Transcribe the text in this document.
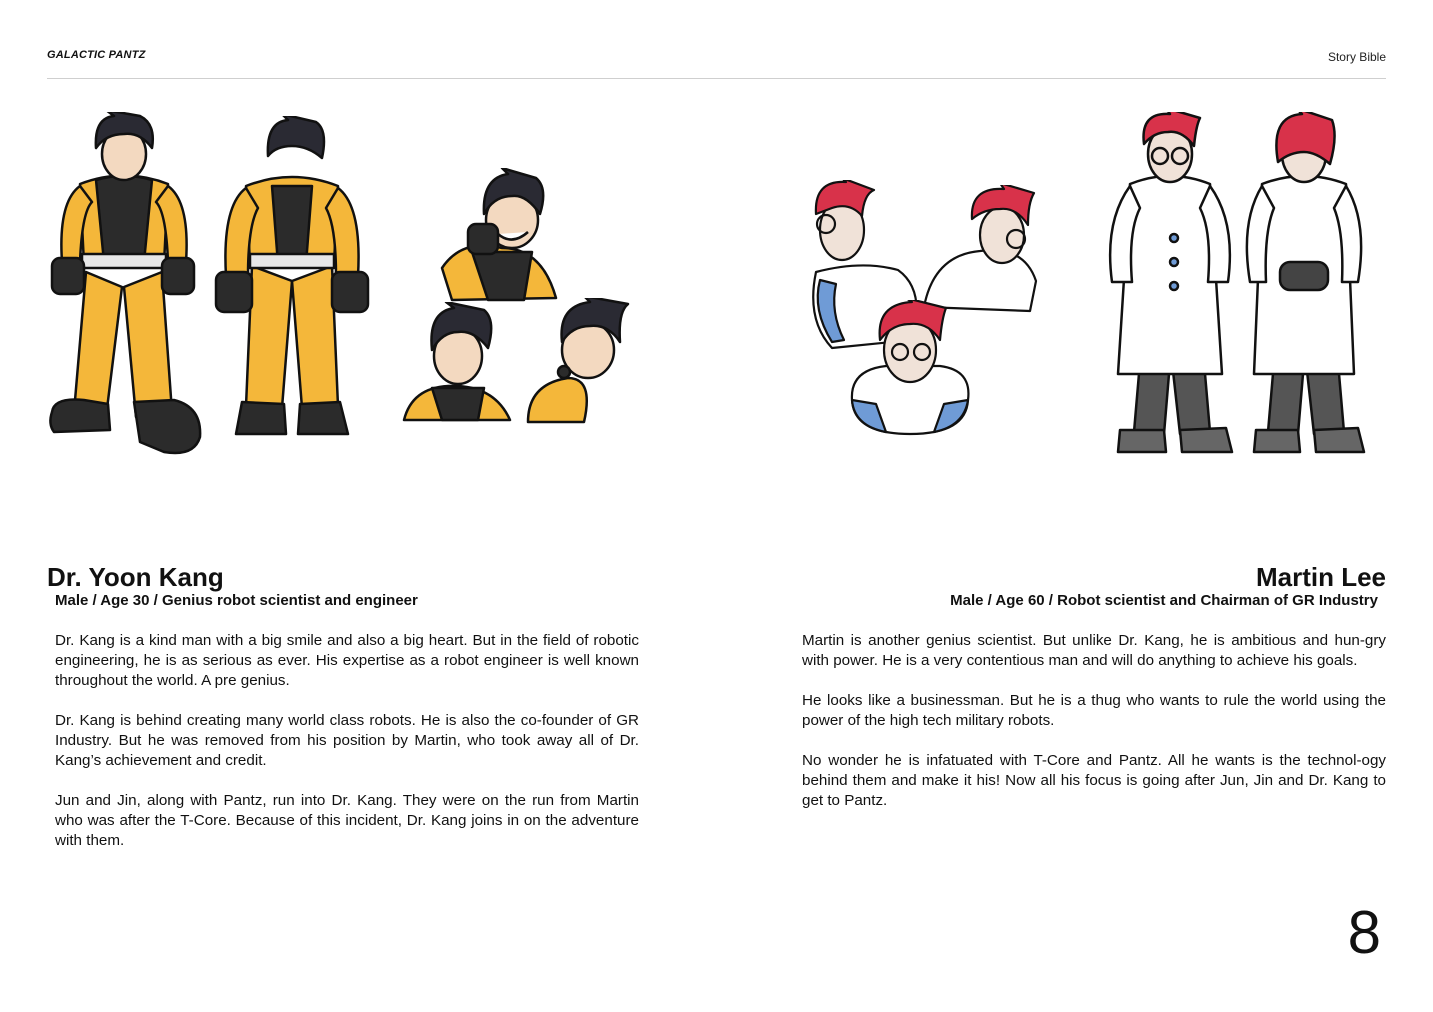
GALACTIC PANTZ	Story Bible
Dr. Yoon Kang

Male / Age 30 / Genius robot scientist and engineer

Dr. Kang is a kind man with a big smile and also a big heart. But in the field of robotic engineering, he is as serious as ever. His expertise as a robot engineer is well known throughout the world. A pre genius.

Dr. Kang is behind creating many world class robots. He is also the co-founder of GR Industry. But he was removed from his position by Martin, who took away all of Dr. Kang’s achievement and credit.

Jun and Jin, along with Pantz, run into Dr. Kang. They were on the run from Martin who was after the T-Core. Because of this incident, Dr. Kang joins in on the adventure with them.

Martin Lee

Male / Age 60 / Robot scientist and Chairman of GR Industry

Martin is another genius scientist. But unlike Dr. Kang, he is ambitious and hun-gry with power. He is a very contentious man and will do anything to achieve his goals.

He looks like a businessman. But he is a thug who wants to rule the world using the power of the high tech military robots.

No wonder he is infatuated with T-Core and Pantz. All he wants is the technol-ogy behind them and make it his! Now all his focus is going after Jun, Jin and Dr. Kang to get to Pantz.

8
